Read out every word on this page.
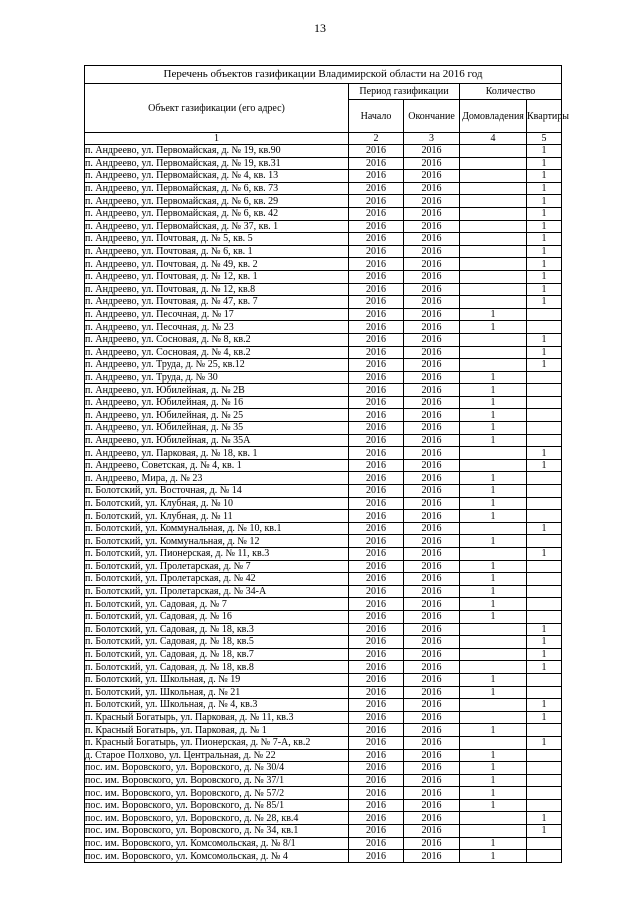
13
Перечень объектов газификации Владимирской области на 2016 год				
Объект газификации (его адрес)	Период газификации		Количество	
	Начало	Окончание	Домовладения	Квартиры
1	2	3	4	5
п. Андреево, ул. Первомайская, д. № 19, кв.90	2016	2016		1
п. Андреево, ул. Первомайская, д. № 19, кв.31	2016	2016		1
п. Андреево, ул. Первомайская, д. № 4, кв. 13	2016	2016		1
п. Андреево, ул. Первомайская, д. № 6, кв. 73	2016	2016		1
п. Андреево, ул. Первомайская, д. № 6, кв. 29	2016	2016		1
п. Андреево, ул. Первомайская, д. № 6, кв. 42	2016	2016		1
п. Андреево, ул. Первомайская, д. № 37, кв. 1	2016	2016		1
п. Андреево, ул. Почтовая, д. № 5, кв. 5	2016	2016		1
п. Андреево, ул. Почтовая, д. № 6, кв. 1	2016	2016		1
п. Андреево, ул. Почтовая, д. № 49, кв. 2	2016	2016		1
п. Андреево, ул. Почтовая, д. № 12, кв. 1	2016	2016		1
п. Андреево, ул. Почтовая, д. № 12, кв.8	2016	2016		1
п. Андреево, ул. Почтовая, д. № 47, кв. 7	2016	2016		1
п. Андреево, ул. Песочная, д. № 17	2016	2016	1	
п. Андреево, ул. Песочная, д. № 23	2016	2016	1	
п. Андреево, ул. Сосновая, д. № 8, кв.2	2016	2016		1
п. Андреево, ул. Сосновая, д. № 4, кв.2	2016	2016		1
п. Андреево, ул. Труда, д. № 25, кв.12	2016	2016		1
п. Андреево, ул. Труда, д. № 30	2016	2016	1	
п. Андреево, ул. Юбилейная, д. № 2В	2016	2016	1	
п. Андреево, ул. Юбилейная, д. № 16	2016	2016	1	
п. Андреево, ул. Юбилейная, д. № 25	2016	2016	1	
п. Андреево, ул. Юбилейная, д. № 35	2016	2016	1	
п. Андреево, ул. Юбилейная, д. № 35А	2016	2016	1	
п. Андреево, ул. Парковая, д. № 18, кв. 1	2016	2016		1
п. Андреево, Советская, д. № 4, кв. 1	2016	2016		1
п. Андреево, Мира, д. № 23	2016	2016	1	
п. Болотский, ул. Восточная, д. № 14	2016	2016	1	
п. Болотский, ул. Клубная, д. № 10	2016	2016	1	
п. Болотский, ул. Клубная, д. № 11	2016	2016	1	
п. Болотский, ул. Коммунальная, д. № 10, кв.1	2016	2016		1
п. Болотский, ул. Коммунальная, д. № 12	2016	2016	1	
п. Болотский, ул. Пионерская, д. № 11, кв.3	2016	2016		1
п. Болотский, ул. Пролетарская, д. № 7	2016	2016	1	
п. Болотский, ул. Пролетарская, д. № 42	2016	2016	1	
п. Болотский, ул. Пролетарская, д. № 34-А	2016	2016	1	
п. Болотский, ул. Садовая, д. № 7	2016	2016	1	
п. Болотский, ул. Садовая, д. № 16	2016	2016	1	
п. Болотский, ул. Садовая, д. № 18, кв.3	2016	2016		1
п. Болотский, ул. Садовая, д. № 18, кв.5	2016	2016		1
п. Болотский, ул. Садовая, д. № 18, кв.7	2016	2016		1
п. Болотский, ул. Садовая, д. № 18, кв.8	2016	2016		1
п. Болотский, ул. Школьная, д. № 19	2016	2016	1	
п. Болотский, ул. Школьная, д. № 21	2016	2016	1	
п. Болотский, ул. Школьная, д. № 4, кв.3	2016	2016		1
п. Красный Богатырь, ул. Парковая, д. № 11, кв.3	2016	2016		1
п. Красный Богатырь, ул. Парковая, д. № 1	2016	2016	1	
п. Красный Богатырь, ул. Пионерская, д. № 7-А, кв.2	2016	2016		1
д. Старое Полхово, ул. Центральная, д. № 22	2016	2016	1	
пос. им. Воровского, ул. Воровского, д. № 30/4	2016	2016	1	
пос. им. Воровского, ул. Воровского, д. № 37/1	2016	2016	1	
пос. им. Воровского, ул. Воровского, д. № 57/2	2016	2016	1	
пос. им. Воровского, ул. Воровского, д. № 85/1	2016	2016	1	
пос. им. Воровского, ул. Воровского, д. № 28, кв.4	2016	2016		1
пос. им. Воровского, ул. Воровского, д. № 34, кв.1	2016	2016		1
пос. им. Воровского, ул. Комсомольская, д. № 8/1	2016	2016	1	
пос. им. Воровского, ул. Комсомольская, д. № 4	2016	2016	1	
